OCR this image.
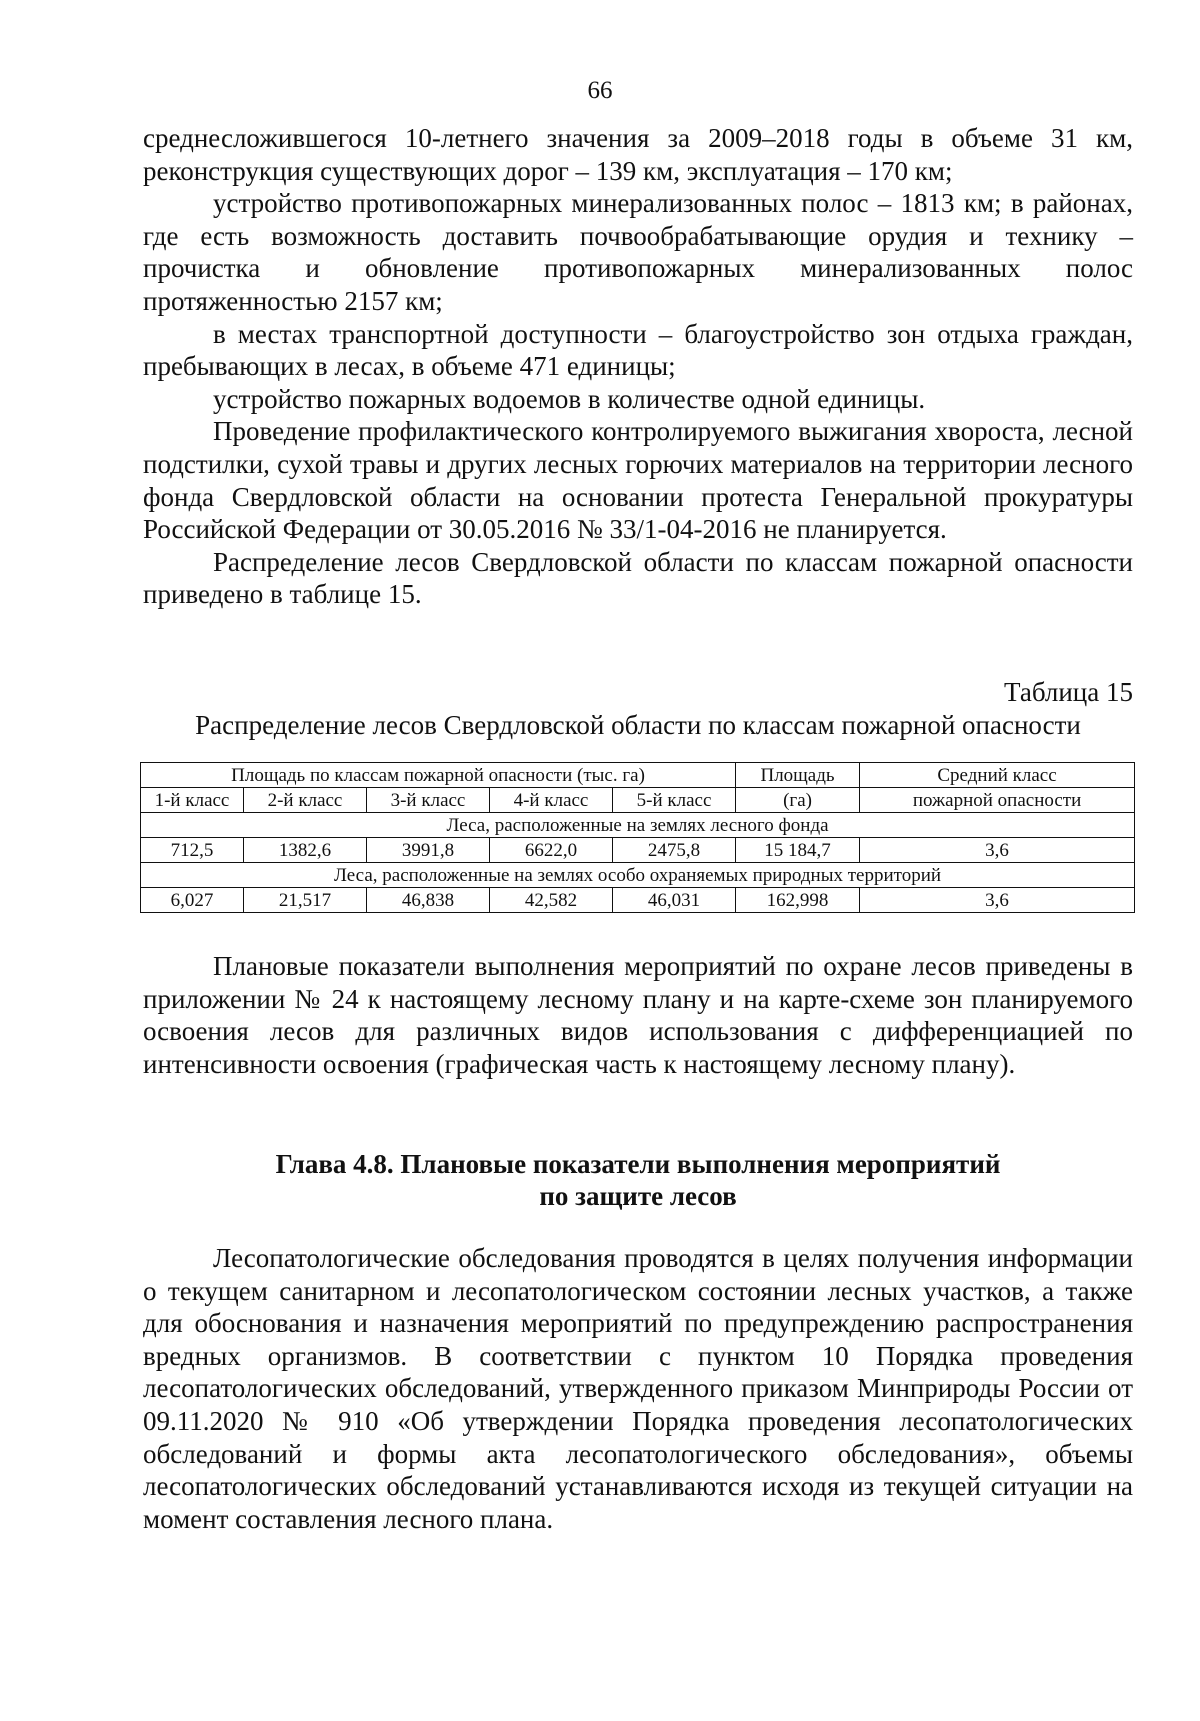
66

среднесложившегося 10-летнего значения за 2009–2018 годы в объеме 31 км, реконструкция существующих дорог – 139 км, эксплуатация – 170 км;

устройство противопожарных минерализованных полос – 1813 км; в районах, где есть возможность доставить почвообрабатывающие орудия и технику – прочистка и обновление противопожарных минерализованных полос протяженностью 2157 км;

в местах транспортной доступности – благоустройство зон отдыха граждан, пребывающих в лесах, в объеме 471 единицы;

устройство пожарных водоемов в количестве одной единицы.

Проведение профилактического контролируемого выжигания хвороста, лесной подстилки, сухой травы и других лесных горючих материалов на территории лесного фонда Свердловской области на основании протеста Генеральной прокуратуры Российской Федерации от 30.05.2016 № 33/1-04-2016 не планируется.

Распределение лесов Свердловской области по классам пожарной опасности приведено в таблице 15.

Таблица 15
Распределение лесов Свердловской области по классам пожарной опасности
Площадь по классам пожарной опасности (тыс. га)					Площадь	Средний класс
1-й класс	2-й класс	3-й класс	4-й класс	5-й класс	(га)	пожарной опасности
Леса, расположенные на землях лесного фонда						
712,5	1382,6	3991,8	6622,0	2475,8	15 184,7	3,6
Леса, расположенные на землях особо охраняемых природных территорий						
6,027	21,517	46,838	42,582	46,031	162,998	3,6

Плановые показатели выполнения мероприятий по охране лесов приведены в приложении № 24 к настоящему лесному плану и на карте-схеме зон планируемого освоения лесов для различных видов использования с дифференциацией по интенсивности освоения (графическая часть к настоящему лесному плану).

Глава 4.8. Плановые показатели выполнения мероприятий
по защите лесов

Лесопатологические обследования проводятся в целях получения информации о текущем санитарном и лесопатологическом состоянии лесных участков, а также для обоснования и назначения мероприятий по предупреждению распространения вредных организмов. В соответствии с пунктом 10 Порядка проведения лесопатологических обследований, утвержденного приказом Минприроды России от 09.11.2020 № 910 «Об утверждении Порядка проведения лесопатологических обследований и формы акта лесопатологического обследования», объемы лесопатологических обследований устанавливаются исходя из текущей ситуации на момент составления лесного плана.
